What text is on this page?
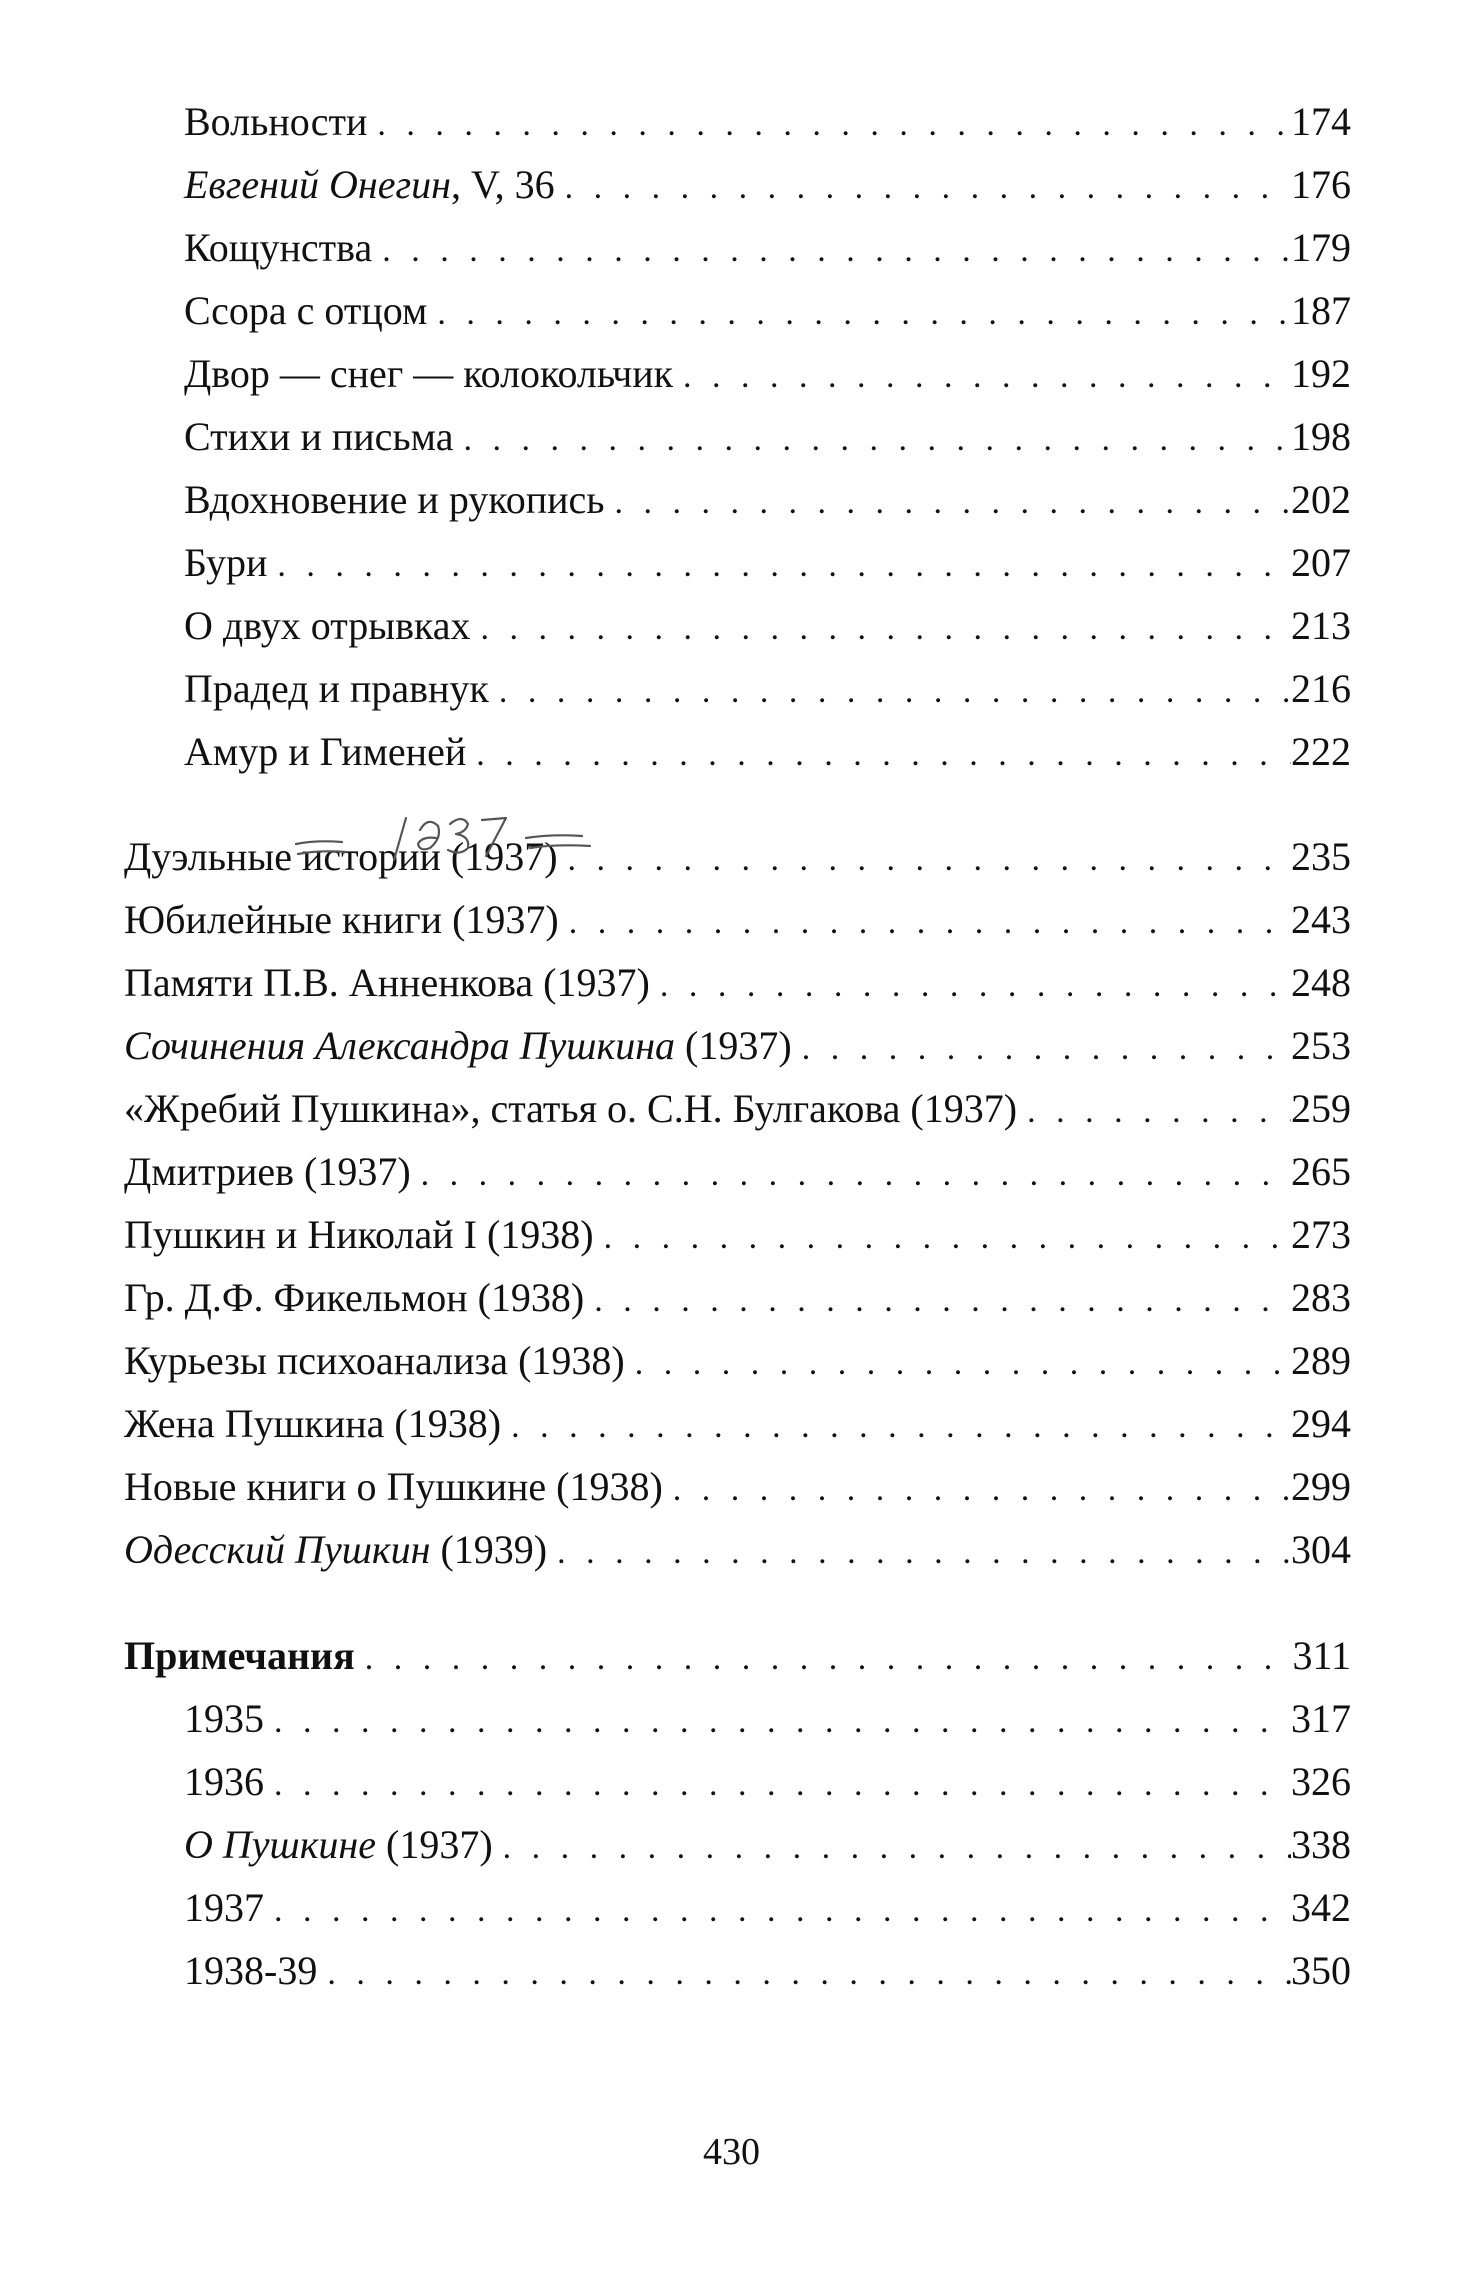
Вольности . . .	174
Евгений Онегин, V, 36 . . .	176
Кощунства . . .	179
Ссора с отцом . . .	187
Двор — снег — колокольчик . . .	192
Стихи и письма . . .	198
Вдохновение и рукопись . . .	202
Бури . . .	207
О двух отрывках . . .	213
Прадед и правнук . . .	216
Амур и Гименей . . .	222
Дуэльные истории (1937) . . .	235
Юбилейные книги (1937) . . .	243
Памяти П.В. Анненкова (1937) . . .	248
Сочинения Александра Пушкина (1937) . . .	253
«Жребий Пушкина», статья о. С.Н. Булгакова (1937) . . .	259
Дмитриев (1937) . . .	265
Пушкин и Николай I (1938) . . .	273
Гр. Д.Ф. Фикельмон (1938) . . .	283
Курьезы психоанализа (1938) . . .	289
Жена Пушкина (1938) . . .	294
Новые книги о Пушкине (1938) . . .	299
Одесский Пушкин (1939) . . .	304
Примечания . . .	311
1935 . . .	317
1936 . . .	326
О Пушкине (1937) . . .	338
1937 . . .	342
1938-39 . . .	350
430
